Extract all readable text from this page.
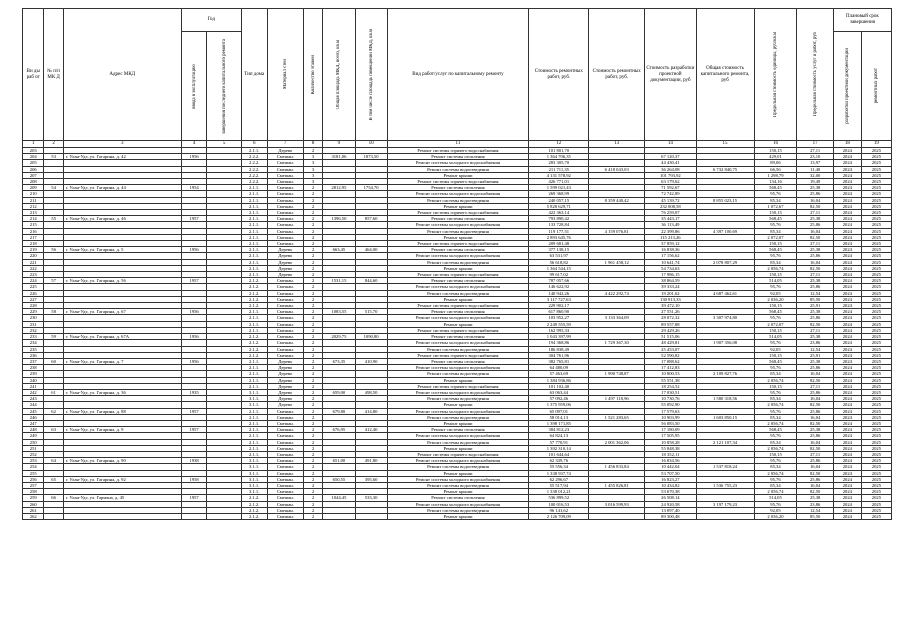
Ви ды раб от	№ п/п МК Д	Адрес МКД	Год		Тип дома	Материал стен	Количество этажей	Общая площадь МКД, всего, кв.м	В том числе площадь помещений МКД, кв.м	Вид работ/услуг по капитальному ремонту	Стоимость ремонтных работ, руб.	Стоимость ремонтных работ, руб.	Стоимость разработки проектной документации, руб	Общая стоимость капитального ремонта, руб	Предельная стоимость единицы, руб/кв.м	Предельная стоимость услуг и работ, руб	Плановый срок завершения	

			ввода в эксплуатацию	завершения последнего капитального ремонта													разработки проектной документации	ремонтных работ

1	2	3	4	5	6	7	8	9	10	11	12	13	14	15	16	17	18	19
203					2.1.1.	Дерево	2			Ремонт системы горячего водоснабжения	101 801,70				150,15	27,11	2024	2025
204	53	г. Улан-Удэ, ул. Гагарина, д. 42	1956		2.2.2.	Смешан.	3	3181,06	1873,50	Ремонт системы отопления	1 364 706,35		67 120,37		429,01	23,10	2024	2025
205					2.2.2.	Смешан.	3			Ремонт системы холодного водоснабжения	283 305,70		44 430,41		89,06	13,97	2024	2025
206					2.2.2.	Смешан.	3			Ремонт системы водоотведения	211 711,35	6 418 043,03	36 264,08	6 732 840,75	66,56	11,40	2024	2025
207					2.2.2.	Смешан.	3			Ремонт крыши	4 131 578,92		101 793,92		1 298,79	32,00	2024	2025
208					2.2.2.	Смешан.	3			Ремонт системы горячего водоснабжения	426 771,01		63 179,62		134,16	19,49	2024	2025
209	54	г. Улан-Удэ, ул. Гагарина, д. 44	1954		2.1.1.	Смешан.	2	2812,95	1754,70	Ремонт системы отопления	1 599 021,43		71 592,67		568,45	25,38	2024	2025
210					2.1.1.	Смешан.	2			Ремонт системы холодного водоснабжения	269 368,99		72 742,89		95,76	25,86	2024	2025
211					2.1.1.	Смешан.	2			Ремонт системы водоотведения	240 057,15	8 359 440,42	45 139,72	8 855 023,15	85,34	16,04	2024	2025
212					2.1.1.	Смешан.	2			Ремонт крыши	5 828 629,71		232 008,58		1 072,67	82,50	2024	2025
213					2.1.1.	Смешан.	2			Ремонт системы горячего водоснабжения	422 363,14		76 259,07		150,15	27,11	2024	2025
214	55	г. Улан-Удэ, ул. Гагарина, д. 46	1957		2.1.1.	Смешан.	2	1396,50	857,60	Ремонт системы отопления	793 890,42		35 443,17		568,45	25,38	2024	2025
215					2.1.1.	Смешан.	2			Ремонт системы холодного водоснабжения	133 728,84		36 113,49		95,76	25,86	2024	2025
216					2.1.1.	Смешан.	2			Ремонт системы водоотведения	119 177,51	4 159 076,81	22 399,86	4 397 100,69	85,34	16,04	2024	2025
217					2.1.1.	Смешан.	2			Ремонт крыши	2 893 645,76		115 213,26		2 072,07	82,50	2024	2025
218					2.1.1.	Смешан.	2			Ремонт системы горячего водоснабжения	209 681,48		37 859,12		150,15	27,11	2024	2025
219	56	г. Улан-Удэ, ул. Гагарина, д. 5	1956		2.1.1.	Дерево	2	663,45	464,00	Ремонт системы отопления	377 138,15		16 838,36		568,45	25,38	2024	2025
220					2.1.1.	Дерево	2			Ремонт системы холодного водоснабжения	63 531,97		17 156,62		95,76	25,86	2024	2025
221					2.1.1.	Дерево	2			Ремонт системы водоотведения	56 618,82	1 961 458,12	10 641,74	2 078 807,29	85,34	16,04	2024	2025
222					2.1.1.	Дерево	2			Ремонт крыши	1 364 544,15		54 734,63		2 056,74	82,50	2024	2025
223					2.1.1.	Дерево	2			Ремонт системы горячего водоснабжения	99 617,02		17 986,15		150,15	27,11	2024	2025
224	57	г. Улан-Удэ, ул. Гагарина, д. 56	1957		2.1.2.	Смешан.	2	1531,15	844,60	Ремонт системы отопления	787 057,66		38 864,59		514,05	25,38	2024	2025
225					2.1.2.	Смешан.	2			Ремонт системы холодного водоснабжения	146 622,92		39 333,24		95,76	25,86	2024	2025
226					2.1.2.	Смешан.	2			Ремонт системы водоотведения	140 942,26	4 422 292,74	19 201,62	4 687 462,61	92,05	12,54	2024	2025
227					2.1.2.	Смешан.	2			Ремонт крыши	3 117 727,63		130 913,33		2 036,20	85,50	2024	2025
228					2.1.2.	Смешан.	2			Ремонт системы горячего водоснабжения	229 902,17		39 472,10		150,15	25,91	2024	2025
229	58	г. Улан-Удэ, ул. Гагарина, д. 67	1956		2.1.1.	Смешан.	2	1083,55	515,70	Ремонт системы отопления	617 860,90		27 551,26		568,45	25,38	2024	2025
230					2.1.1.	Смешан.	2			Ремонт системы холодного водоснабжения	103 952,27	3 133 364,09	28 072,32	3 307 974,80	95,76	25,86	2024	2025
231					2.1.1.	Смешан.	2			Ремонт крыши	2 249 555,59		89 557,88		2 072,07	82,50	2024	2025
232					2.1.1.	Смешан.	2			Ремонт системы горячего водоснабжения	162 995,33		29 429,26		150,15	27,11	2024	2025
233	59	г. Улан-Удэ, ул. Гагарина, д. 67А	1956		2.1.2.	Смешан.	2	2029,75	1090,80	Ремонт системы отопления	1 043 397,99		51 515,06		514,05	25,38	2024	2025
234					2.1.2.	Смешан.	2			Ремонт системы холодного водоснабжения	194 368,86	1 729 367,30	48 429,81	1 907 356,08	95,76	23,86	2024	2025
235					2.1.2.	Смешан.	2			Ремонт системы водоотведения	186 838,49		25 453,07		92,05	12,54	2024	2025
236					2.1.2.	Смешан.	2			Ремонт системы горячего водоснабжения	304 761,96		52 590,82		150,15	25,91	2024	2025
237	60	г. Улан-Удэ, ул. Гагарина, д. 7	1956		2.1.1.	Дерево	2	673,35	410,90	Ремонт системы отопления	382 765,81		17 088,62		568,45	25,38	2024	2025
238					2.1.1.	Дерево	2			Ремонт системы холодного водоснабжения	64 480,09		17 412,83		95,76	25,86	2024	2025
239					2.1.1.	Дерево	2			Ремонт системы водоотведения	57 463,69	1 990 748,87	10 800,53	2 109 827,76	85,34	16,04	2024	2025
240					2.1.1.	Дерево	2			Ремонт крыши	1 384 936,86		55 551,38		2 056,74	82,50	2024	2025
241					2.1.1.	Дерево	2			Ремонт системы горячего водоснабжения	101 102,40		18 254,52		150,15	27,11	2024	2025
242	61	г. Улан-Удэ, ул. Гагарина, д. 36	1935		3.1.1.	Дерево	2	659,00	498,50	Ремонт системы холодного водоснабжения	63 063,44		17 030,51		95,76	25,86	2024	2025
243					3.1.1.	Дерево	2			Ремонт системы водоотведения	57 092,46	1 497 118,96	10 730,76	1 580 318,56	85,34	16,04	2024	2025
244					3.1.1.	Дерево	2			Ремонт крыши	1 375 959,06		55 092,90		2 056,74	82,50	2024	2025
245	62	г. Улан-Удэ, ул. Гагарина, д. 88	1957		2.1.1.	Смешан.	2	679,80	414,80	Ремонт системы холодного водоснабжения	65 097,01		17 579,63		95,76	25,86	2024	2025
246					2.1.1.	Смешан.	2			Ремонт системы водоотведения	58 014,13	1 521 283,65	10 903,99	1 603 850,15	85,34	16,04	2024	2025
247					2.1.1.	Смешан.	2			Ремонт крыши	1 398 171,85		56 083,50		2 056,74	82,50	2024	2025
248	63	г. Улан-Удэ, ул. Гагарина, д. 9	1957		2.1.1.	Смешан.	2	676,95	412,40	Ремонт системы отопления	384 812,23		17 180,09		568,45	25,38	2024	2025
249					2.1.1.	Смешан.	2			Ремонт системы холодного водоснабжения	64 824,13		17 505,95		95,76	25,86	2024	2025
250					2.1.1.	Смешан.	2			Ремонт системы водоотведения	57 770,91	2 001 362,06	10 858,28	2 121 107,34	85,34	16,04	2024	2025
251					2.1.1.	Смешан.	2			Ремонт крыши	1 392 310,14		55 848,38		2 056,74	82,50	2024	2025
252					2.1.1.	Смешан.	2			Ремонт системы горячего водоснабжения	101 644,64		18 352,11		150,15	27,11	2024	2025
253	64	г. Улан-Удэ, ул. Гагарина, д. 90	1938		3.1.1.	Смешан.	2	651,00	491,80	Ремонт системы холодного водоснабжения	62 339,76		16 834,56		95,76	25,86	2024	2025
254					3.1.1.	Смешан.	2			Ремонт системы водоотведения	55 556,34	1 456 833,84	10 442,04	1 537 818,24	85,34	16,04	2024	2025
255					3.1.1.	Смешан.	2			Ремонт крыши	1 338 937,74		53 707,50		2 056,74	82,50	2024	2025
256	65	г. Улан-Удэ, ул. Гагарина, д. 92	1958		3.1.1.	Смешан.	2	650,55	395,60	Ремонт системы холодного водоснабжения	62 296,67		16 823,27		95,76	25,86	2024	2025
257					3.1.1.	Смешан.	2			Ремонт системы водоотведения	55 517,94	1 455 826,81	10 434,82	1 536 755,23	85,34	16,04	2024	2025
258					3.1.1.	Смешан.	2			Ремонт крыши	1 338 012,21		53 670,38		2 056,74	82,50	2024	2025
259	66	г. Улан-Удэ, ул. Гармана, д. 45	1957		2.1.2.	Смешан.	2	1044,45	533,30	Ремонт системы отопления	536 899,52		26 508,14		514,05	25,38	2024	2025
260					2.1.2.	Смешан.	2			Ремонт системы холодного водоснабжения	100 016,53	3 016 599,93	24 920,58	3 197 179,23	95,76	23,86	2024	2025
261					2.1.2.	Смешан.	2			Ремонт системы водоотведения	96 141,62		13 097,40		92,05	12,54	2024	2025
262					2.1.2.	Смешан.	2			Ремонт крыши	2 126 709,09		89 300,48		2 036,20	85,50	2024	2025
